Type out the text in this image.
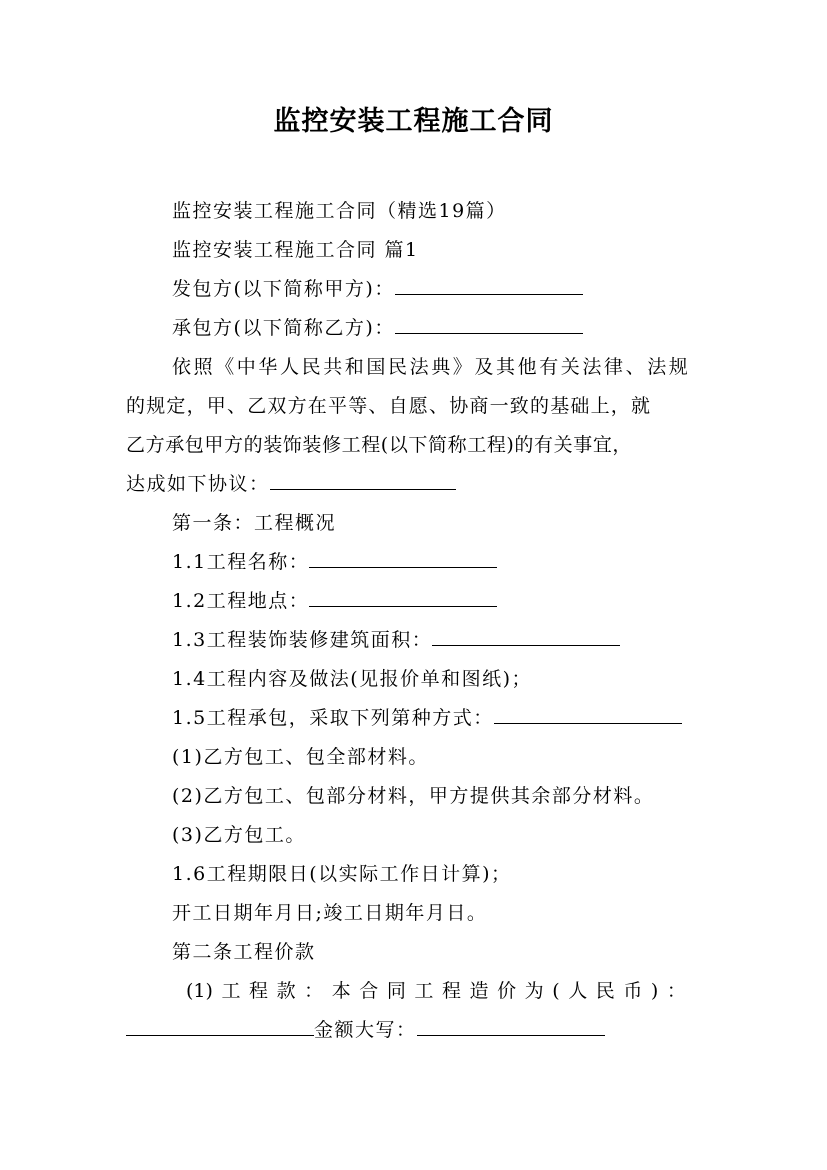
监控安装工程施工合同
监控安装工程施工合同（精选19篇）
监控安装工程施工合同 篇1
发包方(以下简称甲方)：
承包方(以下简称乙方)：
依照《中华人民共和国民法典》及其他有关法律、法规
的规定，甲、乙双方在平等、自愿、协商一致的基础上，就
乙方承包甲方的装饰装修工程(以下简称工程)的有关事宜，
达成如下协议：
第一条：工程概况
1.1工程名称：
1.2工程地点：
1.3工程装饰装修建筑面积：
1.4工程内容及做法(见报价单和图纸)；
1.5工程承包，采取下列第种方式：
(1)乙方包工、包全部材料。
(2)乙方包工、包部分材料，甲方提供其余部分材料。
(3)乙方包工。
1.6工程期限日(以实际工作日计算)；
开工日期年月日;竣工日期年月日。
第二条工程价款
(1) 工 程 款 ： 本 合 同 工 程 造 价 为 ( 人 民 币 ) ：
金额大写：
